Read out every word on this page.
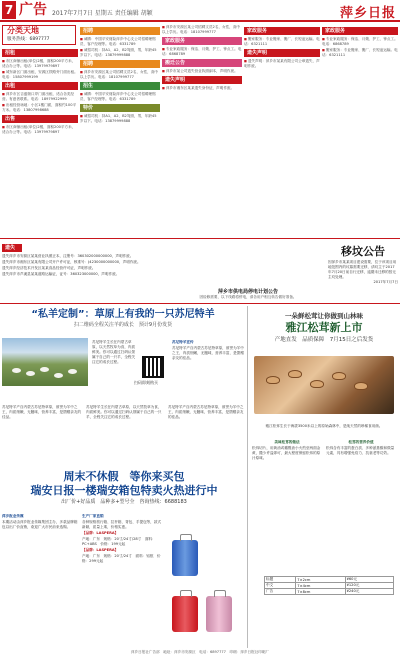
7 广告 2017年7月7日 星期五 责任编辑 胡颖	萍乡日报
分类天地
服务热线：6897777
招租

■ 市区商铺出租(单位)2楼，面积200平方米，适合办公等。电话：13979979897

■ 城东新区门面出租，安源区铁路旁门面出租。电话：15807999199

出租

■ 萍乡市区吉盛街口岸门面出租，适合各类经营。有意者联系。电话：18979922999

■ 出租经营场地：小区1楼门面，面积约100平方米。电话：13807998688

出售

■ 市区商铺出租(单位)2楼，面积200平方米，适合办公等。电话：13979979897

招聘

■ 诚聘：中国平安财险萍乡中心支公司招聘理赔员、客户经理等。电话：6331789

■ 诚招司机：持A1、A2、B2驾照，男，年龄45岁以下。电话：13879999888

招聘

■ 萍乡市安源区某公司招聘文员2名，女性，高中以上学历。电话：18107999777

招生

■ 诚聘：中国平安财险萍乡中心支公司招聘理赔员、客户经理等。电话：6331789

特价

■ 诚招司机：持A1、A2、B2驾照，男，年龄45岁以下。电话：13879999888

■ 萍乡市安源区某公司招聘文员2名，女性，高中以上学历。电话：18107999777

家政服务

■ 专业家政服务：保洁、月嫂、护工、钟点工。电话：6868789

搬迁公告

■ 萍乡市某公司遗失营业执照副本，声明作废。

遗失声明

■ 萍乡市湘东区某某遗失身份证，声明作废。

家政服务

■ 搬家服务：专业搬家、搬厂、长短途运输。电话：6321111

遗失声明

■ 遗失声明：萍乡市某某有限公司公章遗失，声明作废。

家政服务

■ 专业家政服务：保洁、月嫂、护工、钟点工。电话：6868789

■ 搬家服务：专业搬家、搬厂、长短途运输。电话：6321111

遗失

遗失萍乡市安源区某某营业执照正本，注册号：360302000000000，声明作废。

遗失萍乡市湘东区某某有限公司开户许可证，核准号：J4230000000000，声明作废。

遗失萍乡经济技术开发区某某食品经营许可证，声明作废。

遗失萍乡市芦溪县某某道路运输证，证号：360323000000，声明作废。

移坟公告
因萍乡市某某项目建设需要，位于该项目用地范围内的坟墓需要迁移，请坟主于2017年7月20日前自行迁移，逾期未迁移的按无主坟处理。
2017年7月7日
萍乡市供电局停电计划公告
因检修需要，以下线路将停电，请各用户相互转告做好准备。
“私羊定制”：草原上有我的一只苏尼特羊
扫二维码全程关注羊的成长　预计9月份发货
苏尼特羊生长在内蒙古草原，以天然牧草为食，肉质鲜美。你可以通过扫码认领属于自己的一只羊，全程关注它的成长过程。
扫码即刻购买

苏尼特羊宣传

苏尼特羊产自内蒙古苏尼特草原，被誉为羊中之王，肉质细嫩，无膻味，营养丰富，是馈赠亲友的佳品。

苏尼特羊产自内蒙古苏尼特草原，被誉为羊中之王，肉质细嫩，无膻味，营养丰富，是馈赠亲友的佳品。
苏尼特羊生长在内蒙古草原，以天然牧草为食，肉质鲜美。你可以通过扫码认领属于自己的一只羊，全程关注它的成长过程。
苏尼特羊产自内蒙古苏尼特草原，被誉为羊中之王，肉质细嫩，无膻味，营养丰富，是馈赠亲友的佳品。
一朵鲜松茸让你做到山林味
雅江松茸新上市
产地直发　品质保障　7月15日之后发货
雅江松茸生长于海拔3500米以上的原始森林中，是纯天然的珍稀食用菌。

美味松茸的做法

松茸切片，用黄油或橄榄油小火煎至两面金黄，撒少许盐即可，最大程度保留松茸的原汁原味。

松茸的营养价值

松茸含有丰富的蛋白质、多种氨基酸和微量元素，具有增强免疫力、抗衰老等功效。

周末不休假　等你来买包
瑞安日报一楼瑞安箱包特卖火热进行中
出厂价+好品质　品种多+型号全　咨询热线：6688183

萍乡报业传媒

本期活动由萍乡报业传媒集团主办，多款品牌箱包以出厂价直销，欢迎广大市民前来选购。

生产厂家直销

各种规格旅行箱、拉杆箱、背包、手提包等，款式新颖，质量上乘，价格实惠。

【品牌：LASPERA】

产地：广东　规格：20寸/24寸/28寸　面料：PC+ABS　价格：199元起

【品牌：LASPERA】

产地：广东　规格：20寸/24寸　面料：铝框　价格：299元起

标题	7×2cm	¥60元
中文	7×4cm	¥120元
广告	7×8cm	¥240元
萍乡日报社广告部　地址：萍乡市安源区　电话：6897777　印刷：萍乡日报社印刷厂
